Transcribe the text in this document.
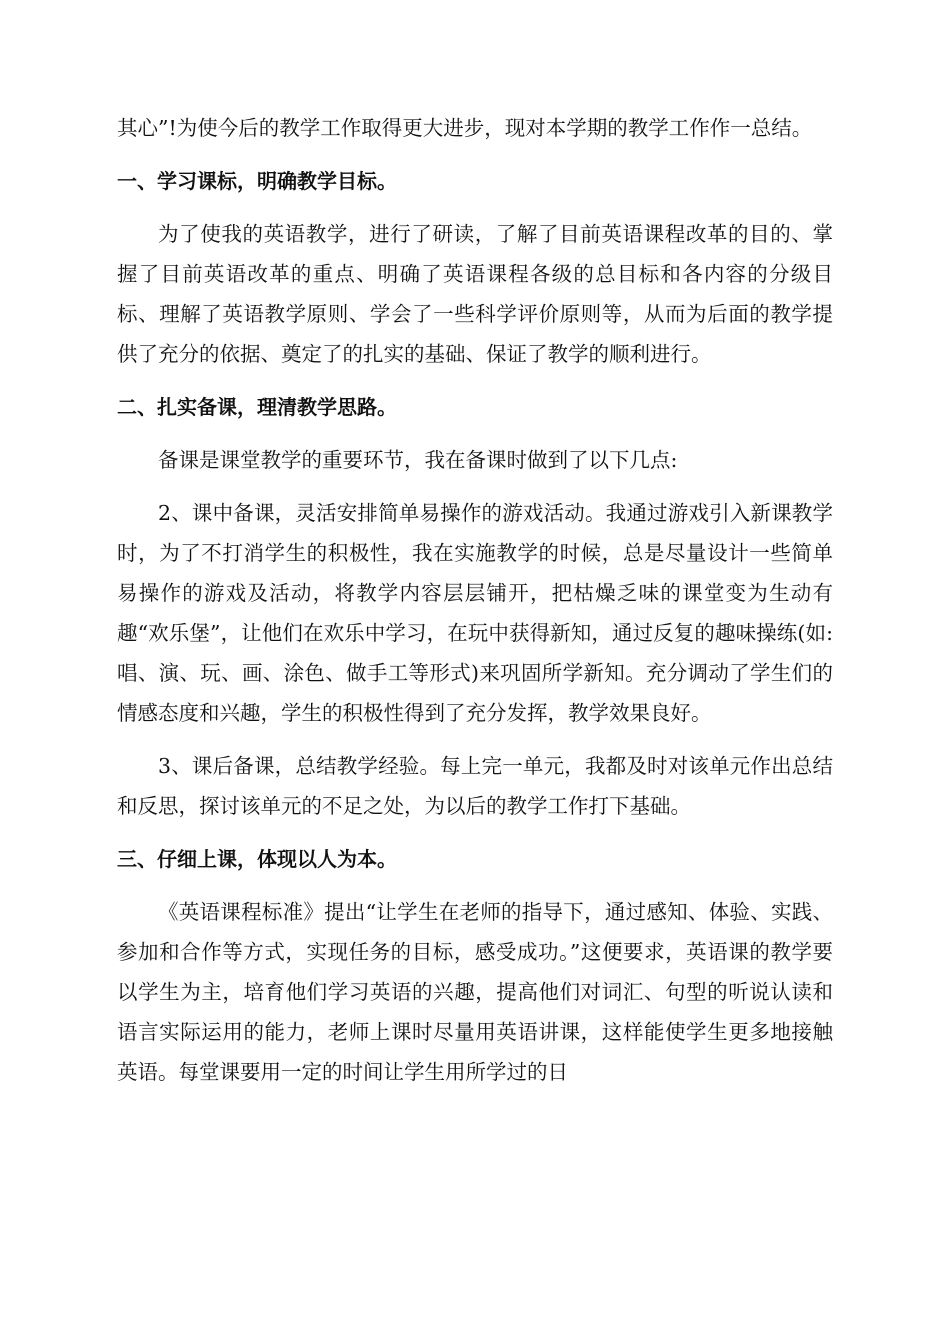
其心”!为使今后的教学工作取得更大进步，现对本学期的教学工作作一总结。

一、学习课标，明确教学目标。

为了使我的英语教学，进行了研读，了解了目前英语课程改革的目的、掌握了目前英语改革的重点、明确了英语课程各级的总目标和各内容的分级目标、理解了英语教学原则、学会了一些科学评价原则等，从而为后面的教学提供了充分的依据、奠定了的扎实的基础、保证了教学的顺利进行。

二、扎实备课，理清教学思路。

备课是课堂教学的重要环节，我在备课时做到了以下几点:

2、课中备课，灵活安排简单易操作的游戏活动。我通过游戏引入新课教学时，为了不打消学生的积极性，我在实施教学的时候，总是尽量设计一些简单易操作的游戏及活动，将教学内容层层铺开，把枯燥乏味的课堂变为生动有趣“欢乐堡”，让他们在欢乐中学习，在玩中获得新知，通过反复的趣味操练(如:唱、演、玩、画、涂色、做手工等形式)来巩固所学新知。充分调动了学生们的情感态度和兴趣，学生的积极性得到了充分发挥，教学效果良好。

3、课后备课，总结教学经验。每上完一单元，我都及时对该单元作出总结和反思，探讨该单元的不足之处，为以后的教学工作打下基础。

三、仔细上课，体现以人为本。

《英语课程标准》提出“让学生在老师的指导下，通过感知、体验、实践、参加和合作等方式，实现任务的目标，感受成功。”这便要求，英语课的教学要以学生为主，培育他们学习英语的兴趣，提高他们对词汇、句型的听说认读和语言实际运用的能力，老师上课时尽量用英语讲课，这样能使学生更多地接触英语。每堂课要用一定的时间让学生用所学过的日
